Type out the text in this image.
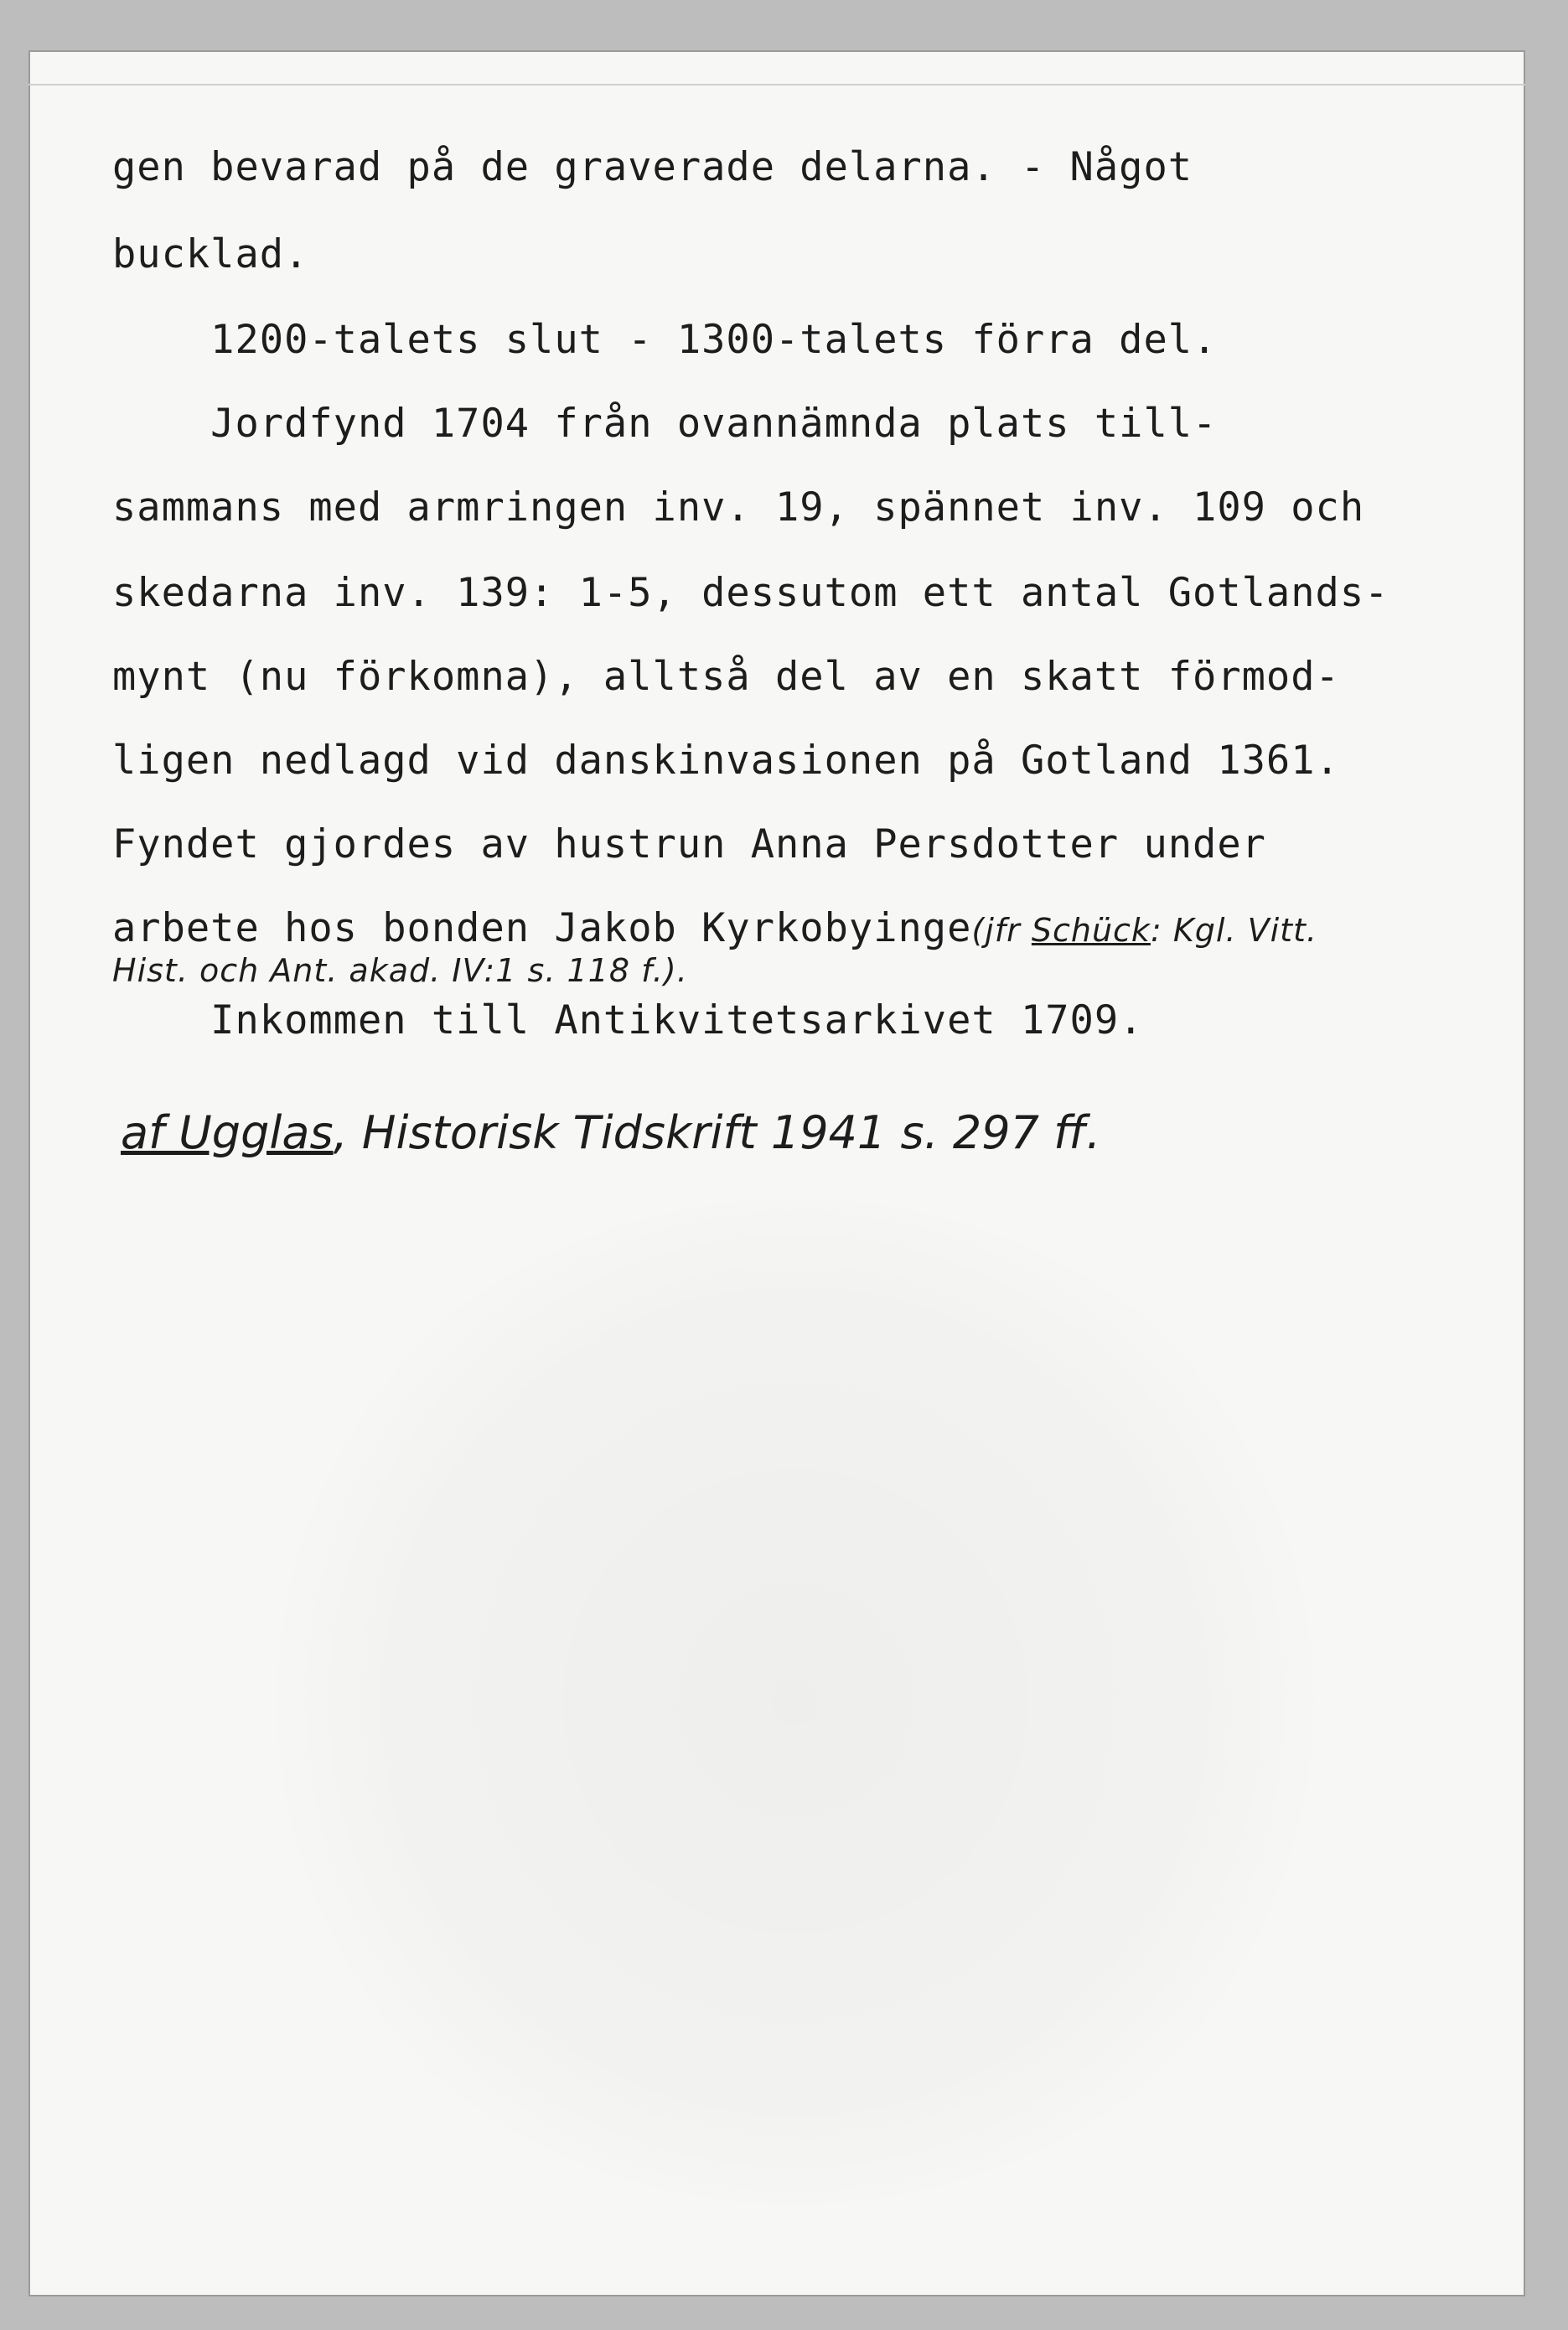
gen bevarad på de graverade delarna. - Något
bucklad.
1200-talets slut - 1300-talets förra del.
Jordfynd 1704 från ovannämnda plats till-
sammans med armringen inv. 19, spännet inv. 109 och
skedarna inv. 139: 1-5, dessutom ett antal Gotlands-
mynt (nu förkomna), alltså del av en skatt förmod-
ligen nedlagd vid danskinvasionen på Gotland 1361.
Fyndet gjordes av hustrun Anna Persdotter under
arbete hos bonden Jakob Kyrkobyinge(jfr Schück: Kgl. Vitt.
Hist. och Ant. akad. IV:1 s. 118 f.).
Inkommen till Antikvitetsarkivet 1709.
af Ugglas, Historisk Tidskrift 1941 s. 297 ff.
